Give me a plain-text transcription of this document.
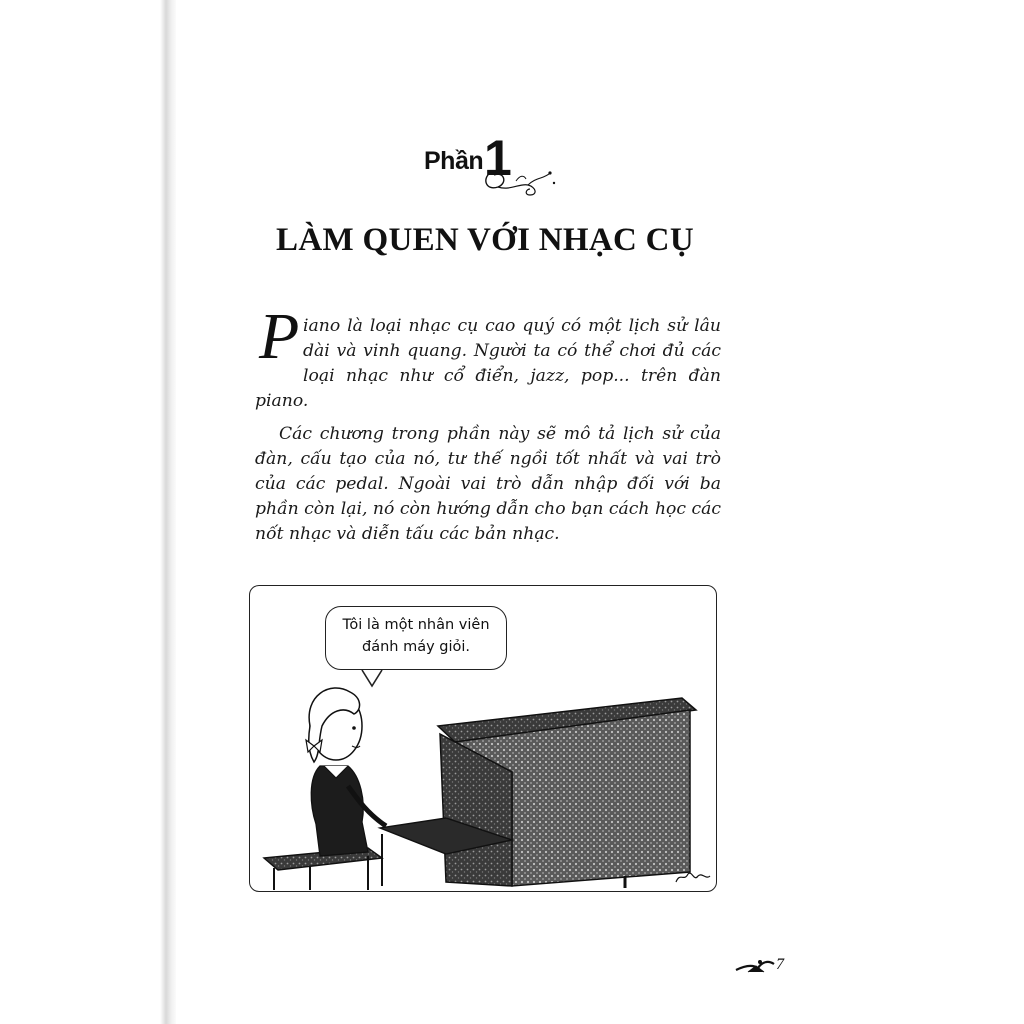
Phần 1
LÀM QUEN VỚI NHẠC CỤ

P iano là loại nhạc cụ cao quý có một lịch sử lâu dài và vinh quang. Người ta có thể chơi đủ các loại nhạc như cổ điển, jazz, pop... trên đàn piano.

Các chương trong phần này sẽ mô tả lịch sử của đàn, cấu tạo của nó, tư thế ngồi tốt nhất và vai trò của các pedal. Ngoài vai trò dẫn nhập đối với ba phần còn lại, nó còn hướng dẫn cho bạn cách học các nốt nhạc và diễn tấu các bản nhạc.

Tôi là một nhân viên
đánh máy giỏi.
7
